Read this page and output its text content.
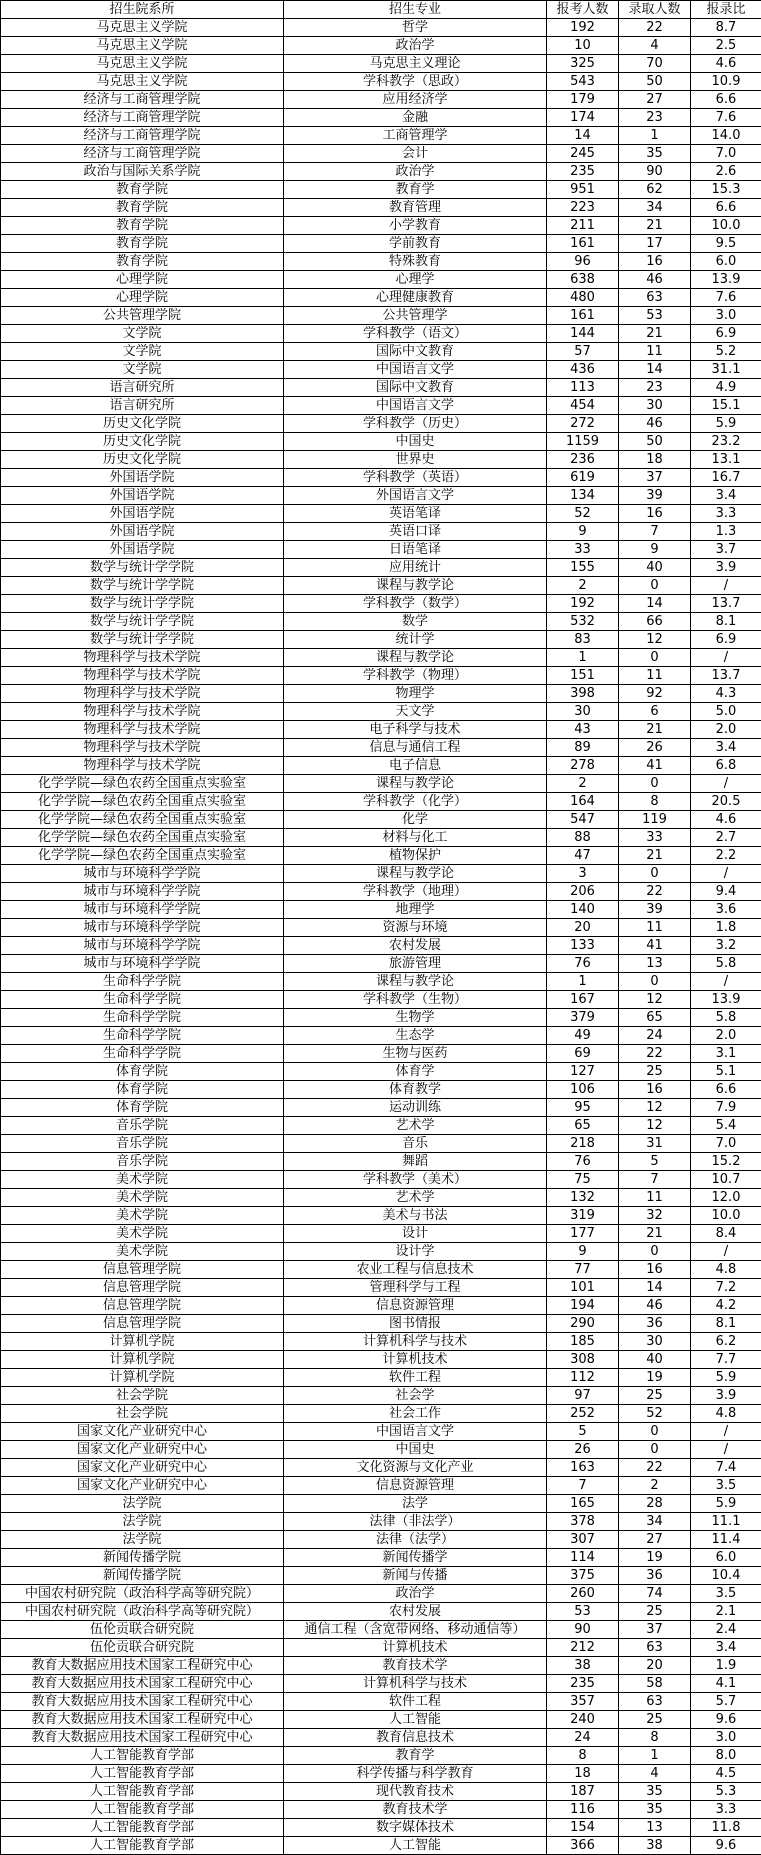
招生院系所	招生专业	报考人数	录取人数	报录比
马克思主义学院	哲学	192	22	8.7
马克思主义学院	政治学	10	4	2.5
马克思主义学院	马克思主义理论	325	70	4.6
马克思主义学院	学科教学（思政）	543	50	10.9
经济与工商管理学院	应用经济学	179	27	6.6
经济与工商管理学院	金融	174	23	7.6
经济与工商管理学院	工商管理学	14	1	14.0
经济与工商管理学院	会计	245	35	7.0
政治与国际关系学院	政治学	235	90	2.6
教育学院	教育学	951	62	15.3
教育学院	教育管理	223	34	6.6
教育学院	小学教育	211	21	10.0
教育学院	学前教育	161	17	9.5
教育学院	特殊教育	96	16	6.0
心理学院	心理学	638	46	13.9
心理学院	心理健康教育	480	63	7.6
公共管理学院	公共管理学	161	53	3.0
文学院	学科教学（语文）	144	21	6.9
文学院	国际中文教育	57	11	5.2
文学院	中国语言文学	436	14	31.1
语言研究所	国际中文教育	113	23	4.9
语言研究所	中国语言文学	454	30	15.1
历史文化学院	学科教学（历史）	272	46	5.9
历史文化学院	中国史	1159	50	23.2
历史文化学院	世界史	236	18	13.1
外国语学院	学科教学（英语）	619	37	16.7
外国语学院	外国语言文学	134	39	3.4
外国语学院	英语笔译	52	16	3.3
外国语学院	英语口译	9	7	1.3
外国语学院	日语笔译	33	9	3.7
数学与统计学学院	应用统计	155	40	3.9
数学与统计学学院	课程与教学论	2	0	/
数学与统计学学院	学科教学（数学）	192	14	13.7
数学与统计学学院	数学	532	66	8.1
数学与统计学学院	统计学	83	12	6.9
物理科学与技术学院	课程与教学论	1	0	/
物理科学与技术学院	学科教学（物理）	151	11	13.7
物理科学与技术学院	物理学	398	92	4.3
物理科学与技术学院	天文学	30	6	5.0
物理科学与技术学院	电子科学与技术	43	21	2.0
物理科学与技术学院	信息与通信工程	89	26	3.4
物理科学与技术学院	电子信息	278	41	6.8
化学学院—绿色农药全国重点实验室	课程与教学论	2	0	/
化学学院—绿色农药全国重点实验室	学科教学（化学）	164	8	20.5
化学学院—绿色农药全国重点实验室	化学	547	119	4.6
化学学院—绿色农药全国重点实验室	材料与化工	88	33	2.7
化学学院—绿色农药全国重点实验室	植物保护	47	21	2.2
城市与环境科学学院	课程与教学论	3	0	/
城市与环境科学学院	学科教学（地理）	206	22	9.4
城市与环境科学学院	地理学	140	39	3.6
城市与环境科学学院	资源与环境	20	11	1.8
城市与环境科学学院	农村发展	133	41	3.2
城市与环境科学学院	旅游管理	76	13	5.8
生命科学学院	课程与教学论	1	0	/
生命科学学院	学科教学（生物）	167	12	13.9
生命科学学院	生物学	379	65	5.8
生命科学学院	生态学	49	24	2.0
生命科学学院	生物与医药	69	22	3.1
体育学院	体育学	127	25	5.1
体育学院	体育教学	106	16	6.6
体育学院	运动训练	95	12	7.9
音乐学院	艺术学	65	12	5.4
音乐学院	音乐	218	31	7.0
音乐学院	舞蹈	76	5	15.2
美术学院	学科教学（美术）	75	7	10.7
美术学院	艺术学	132	11	12.0
美术学院	美术与书法	319	32	10.0
美术学院	设计	177	21	8.4
美术学院	设计学	9	0	/
信息管理学院	农业工程与信息技术	77	16	4.8
信息管理学院	管理科学与工程	101	14	7.2
信息管理学院	信息资源管理	194	46	4.2
信息管理学院	图书情报	290	36	8.1
计算机学院	计算机科学与技术	185	30	6.2
计算机学院	计算机技术	308	40	7.7
计算机学院	软件工程	112	19	5.9
社会学院	社会学	97	25	3.9
社会学院	社会工作	252	52	4.8
国家文化产业研究中心	中国语言文学	5	0	/
国家文化产业研究中心	中国史	26	0	/
国家文化产业研究中心	文化资源与文化产业	163	22	7.4
国家文化产业研究中心	信息资源管理	7	2	3.5
法学院	法学	165	28	5.9
法学院	法律（非法学）	378	34	11.1
法学院	法律（法学）	307	27	11.4
新闻传播学院	新闻传播学	114	19	6.0
新闻传播学院	新闻与传播	375	36	10.4
中国农村研究院（政治科学高等研究院）	政治学	260	74	3.5
中国农村研究院（政治科学高等研究院）	农村发展	53	25	2.1
伍伦贡联合研究院	通信工程（含宽带网络、移动通信等）	90	37	2.4
伍伦贡联合研究院	计算机技术	212	63	3.4
教育大数据应用技术国家工程研究中心	教育技术学	38	20	1.9
教育大数据应用技术国家工程研究中心	计算机科学与技术	235	58	4.1
教育大数据应用技术国家工程研究中心	软件工程	357	63	5.7
教育大数据应用技术国家工程研究中心	人工智能	240	25	9.6
教育大数据应用技术国家工程研究中心	教育信息技术	24	8	3.0
人工智能教育学部	教育学	8	1	8.0
人工智能教育学部	科学传播与科学教育	18	4	4.5
人工智能教育学部	现代教育技术	187	35	5.3
人工智能教育学部	教育技术学	116	35	3.3
人工智能教育学部	数字媒体技术	154	13	11.8
人工智能教育学部	人工智能	366	38	9.6
